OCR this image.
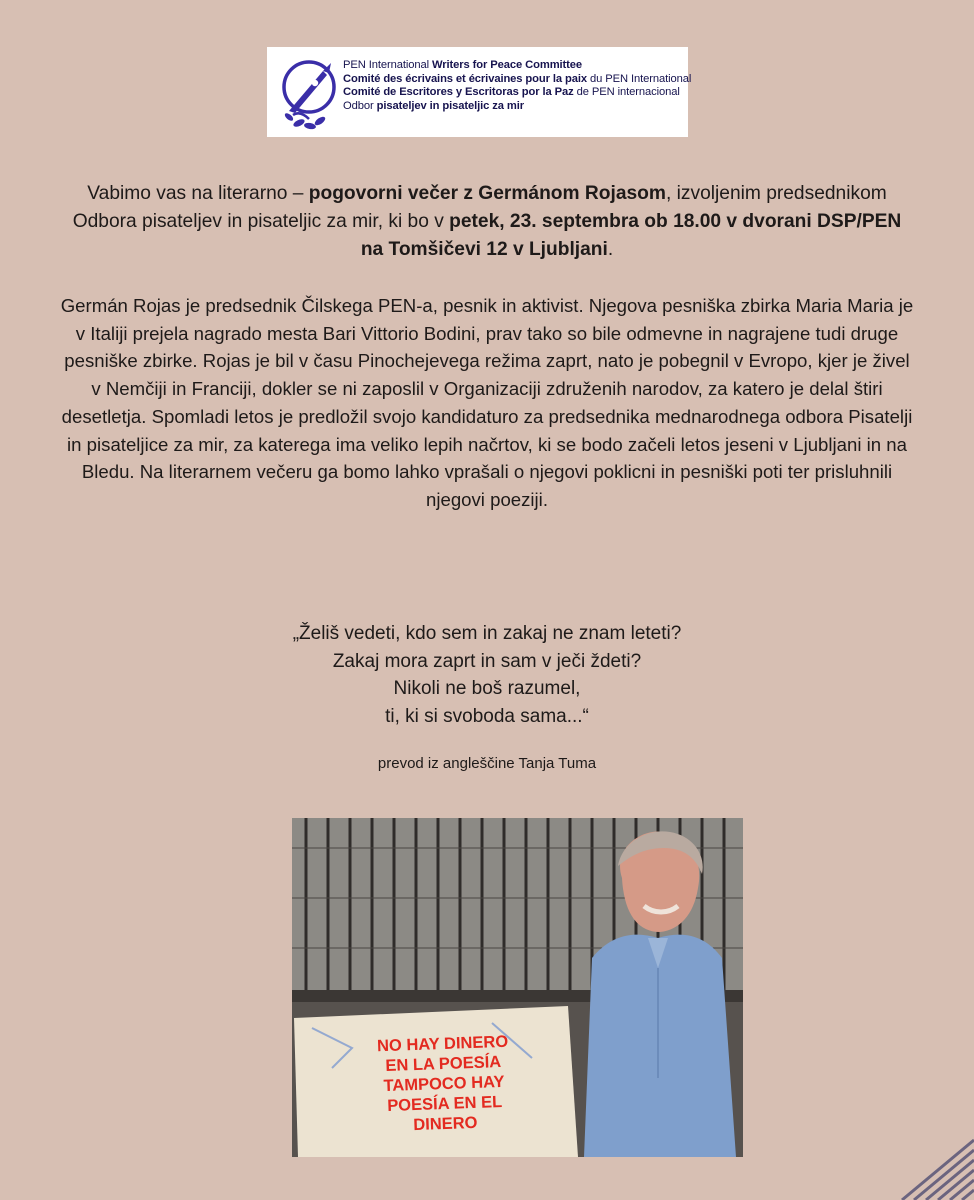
PEN International Writers for Peace Committee
Comité des écrivains et écrivaines pour la paix du PEN International
Comité de Escritores y Escritoras por la Paz de PEN internacional
Odbor pisateljev in pisateljic za mir

Vabimo vas na literarno – pogovorni večer z Germánom Rojasom, izvoljenim predsednikom Odbora pisateljev in pisateljic za mir, ki bo v petek, 23. septembra ob 18.00 v dvorani DSP/PEN na Tomšičevi 12 v Ljubljani.

Germán Rojas je predsednik Čilskega PEN-a, pesnik in aktivist. Njegova pesniška zbirka Maria Maria je v Italiji prejela nagrado mesta Bari Vittorio Bodini, prav tako so bile odmevne in nagrajene tudi druge pesniške zbirke. Rojas je bil v času Pinochejevega režima zaprt, nato je pobegnil v Evropo, kjer je živel v Nemčiji in Franciji, dokler se ni zaposlil v Organizaciji združenih narodov, za katero je delal štiri desetletja. Spomladi letos je predložil svojo kandidaturo za predsednika mednarodnega odbora Pisatelji in pisateljice za mir, za katerega ima veliko lepih načrtov, ki se bodo začeli letos jeseni v Ljubljani in na Bledu. Na literarnem večeru ga bomo lahko vprašali o njegovi poklicni in pesniški poti ter prisluhnili njegovi poeziji.

„Želiš vedeti, kdo sem in zakaj ne znam leteti?
Zakaj mora zaprt in sam v ječi ždeti?
Nikoli ne boš razumel,
ti, ki si svoboda sama...“
prevod iz angleščine Tanja Tuma
NO HAY DINERO
EN LA POESÍA
TAMPOCO HAY
POESÍA EN EL
DINERO
